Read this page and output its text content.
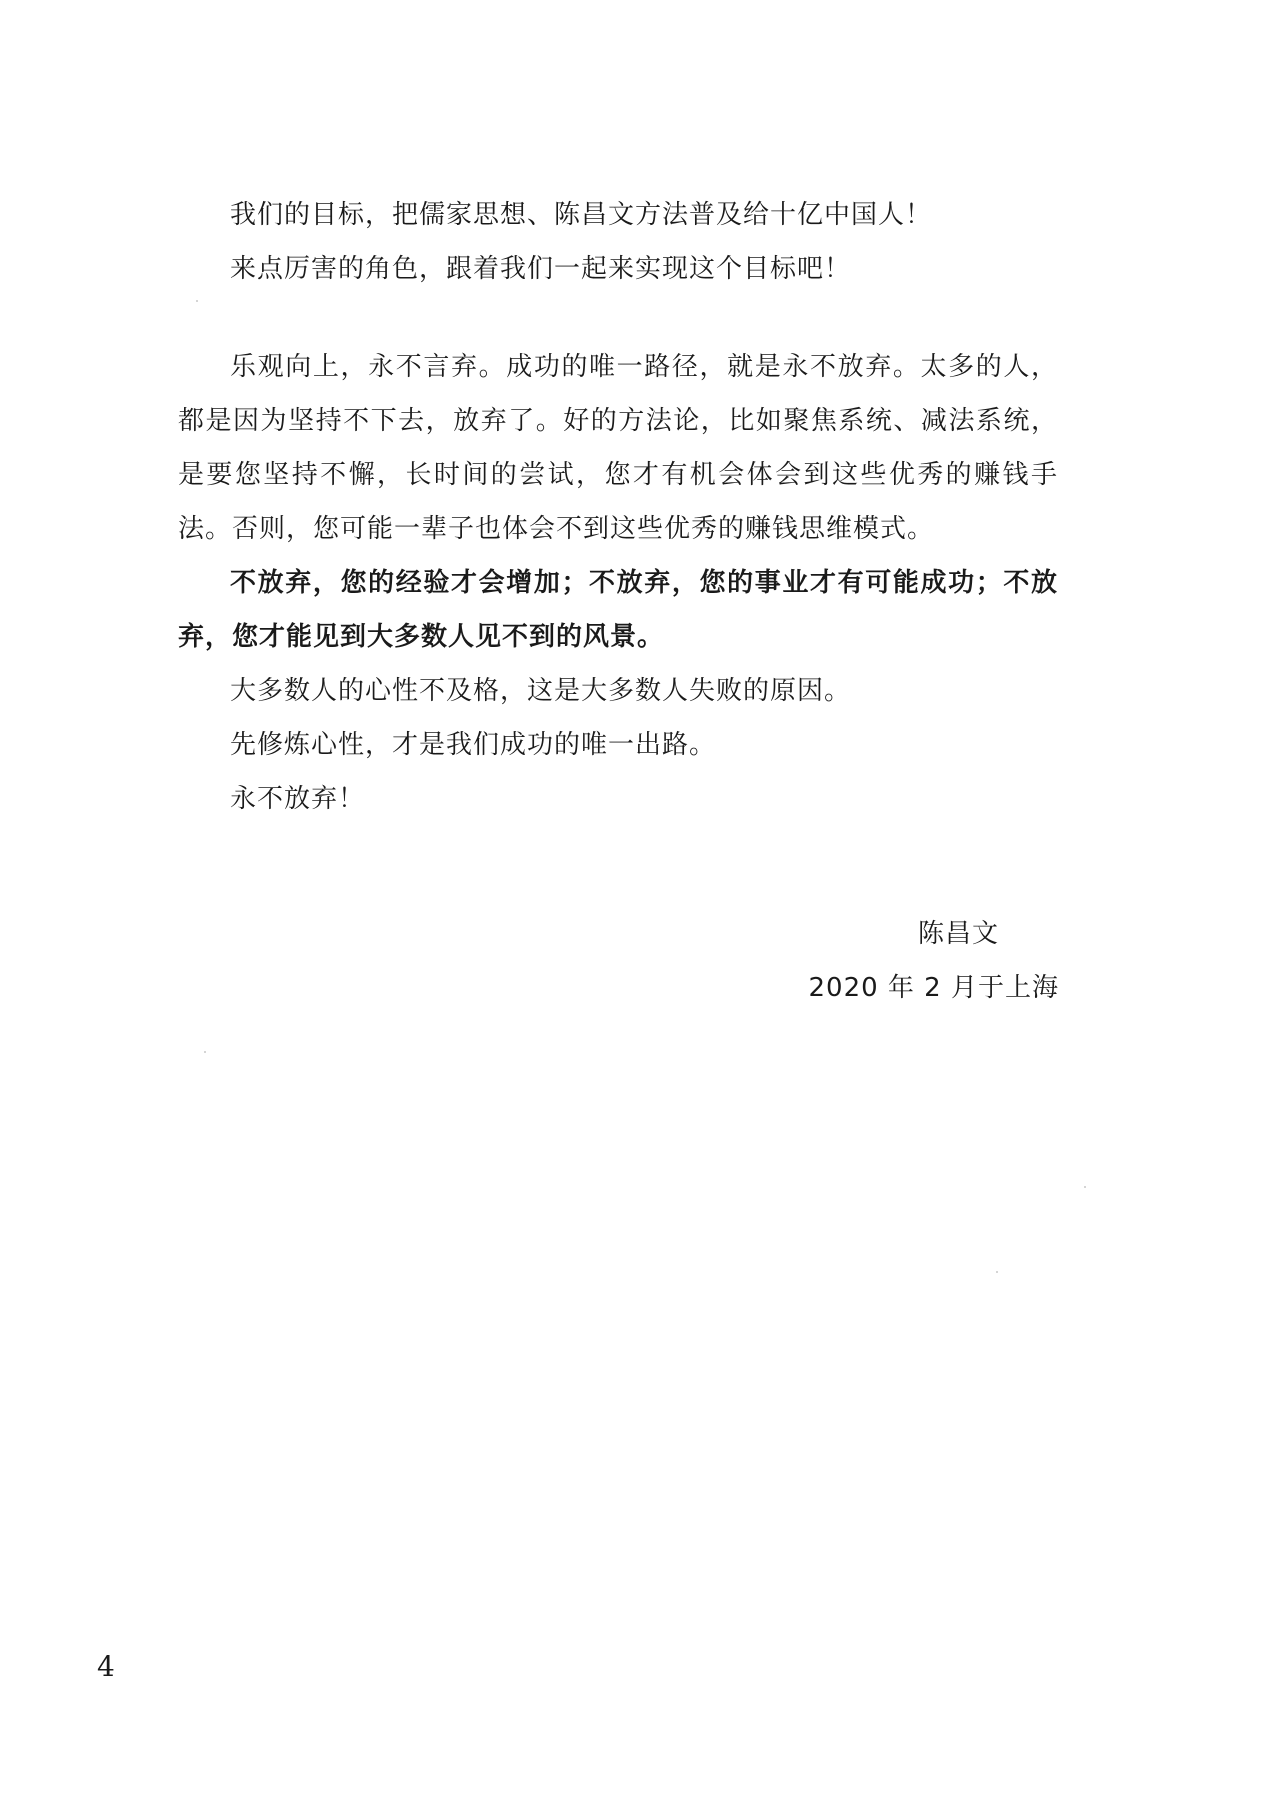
我们的目标，把儒家思想、陈昌文方法普及给十亿中国人！

来点厉害的角色，跟着我们一起来实现这个目标吧！

乐观向上，永不言弃。成功的唯一路径，就是永不放弃。太多的人，都是因为坚持不下去，放弃了。好的方法论，比如聚焦系统、减法系统，是要您坚持不懈，长时间的尝试，您才有机会体会到这些优秀的赚钱手法。否则，您可能一辈子也体会不到这些优秀的赚钱思维模式。

不放弃，您的经验才会增加；不放弃，您的事业才有可能成功；不放弃，您才能见到大多数人见不到的风景。

大多数人的心性不及格，这是大多数人失败的原因。

先修炼心性，才是我们成功的唯一出路。

永不放弃！

陈昌文
2020 年 2 月于上海
4
